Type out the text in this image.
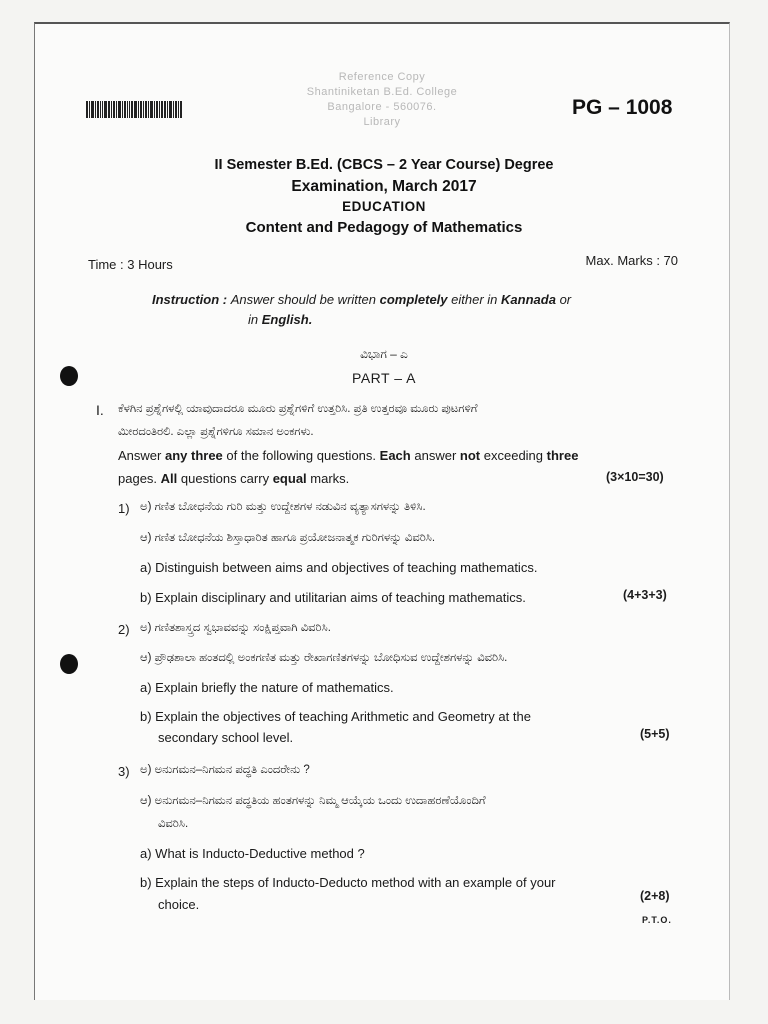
Reference Copy
Shantiniketan B.Ed. College
Bangalore - 560076.
Library
PG – 1008
II Semester B.Ed. (CBCS – 2 Year Course) Degree
Examination, March 2017
EDUCATION
Content and Pedagogy of Mathematics
Time : 3 Hours	Max. Marks : 70
Instruction : Answer should be written completely either in Kannada or
in English.
ವಿಭಾಗ – ಎ
PART – A
I. ಕೆಳಗಿನ ಪ್ರಶ್ನೆಗಳಲ್ಲಿ ಯಾವುದಾದರೂ ಮೂರು ಪ್ರಶ್ನೆಗಳಿಗೆ ಉತ್ತರಿಸಿ. ಪ್ರತಿ ಉತ್ತರವೂ ಮೂರು ಪುಟಗಳಿಗೆ
ಮೀರದಂತಿರಲಿ. ಎಲ್ಲಾ ಪ್ರಶ್ನೆಗಳಿಗೂ ಸಮಾನ ಅಂಕಗಳು.
Answer any three of the following questions. Each answer not exceeding three
pages. All questions carry equal marks.	(3×10=30)
1) ಅ) ಗಣಿತ ಬೋಧನೆಯ ಗುರಿ ಮತ್ತು ಉದ್ದೇಶಗಳ ನಡುವಿನ ವ್ಯತ್ಯಾಸಗಳನ್ನು ತಿಳಿಸಿ.
ಆ) ಗಣಿತ ಬೋಧನೆಯ ಶಿಸ್ತಾಧಾರಿತ ಹಾಗೂ ಪ್ರಯೋಜನಾತ್ಮಕ ಗುರಿಗಳನ್ನು ವಿವರಿಸಿ.
a) Distinguish between aims and objectives of teaching mathematics.
b) Explain disciplinary and utilitarian aims of teaching mathematics.	(4+3+3)
2) ಅ) ಗಣಿತಶಾಸ್ತ್ರದ ಸ್ವಭಾವವನ್ನು ಸಂಕ್ಷಿಪ್ತವಾಗಿ ವಿವರಿಸಿ.
ಆ) ಪ್ರೌಢಶಾಲಾ ಹಂತದಲ್ಲಿ ಅಂಕಗಣಿತ ಮತ್ತು ರೇಖಾಗಣಿತಗಳನ್ನು ಬೋಧಿಸುವ ಉದ್ದೇಶಗಳನ್ನು ವಿವರಿಸಿ.
a) Explain briefly the nature of mathematics.
b) Explain the objectives of teaching Arithmetic and Geometry at the
secondary school level.	(5+5)
3) ಅ) ಅನುಗಮನ–ನಿಗಮನ ಪದ್ಧತಿ ಎಂದರೇನು ?
ಆ) ಅನುಗಮನ–ನಿಗಮನ ಪದ್ಧತಿಯ ಹಂತಗಳನ್ನು ನಿಮ್ಮ ಆಯ್ಕೆಯ ಒಂದು ಉದಾಹರಣೆಯೊಂದಿಗೆ
ವಿವರಿಸಿ.
a) What is Inducto-Deductive method ?
b) Explain the steps of Inducto-Deducto method with an example of your
choice.
(2+8)
P.T.O.
